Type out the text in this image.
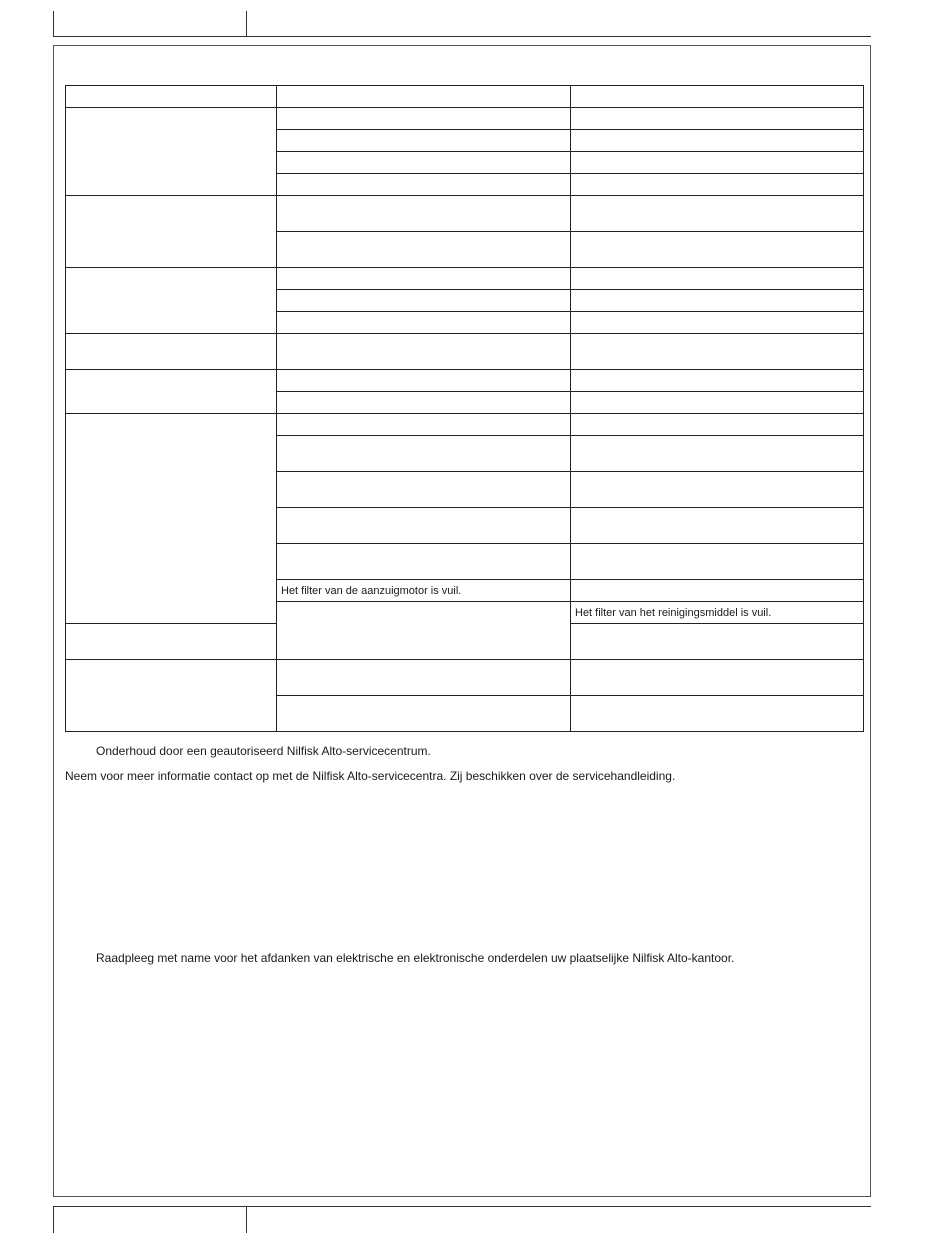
	Het filter van de aanzuigmotor is vuil.		
		Het filter van het reinigingsmiddel is vuil.	

Onderhoud door een geautoriseerd Nilfisk Alto-servicecentrum.
Neem voor meer informatie contact op met de Nilfisk Alto-servicecentra. Zij beschikken over de servicehandleiding.
Raadpleeg met name voor het afdanken van elektrische en elektronische onderdelen uw plaatselijke Nilfisk Alto-kantoor.
